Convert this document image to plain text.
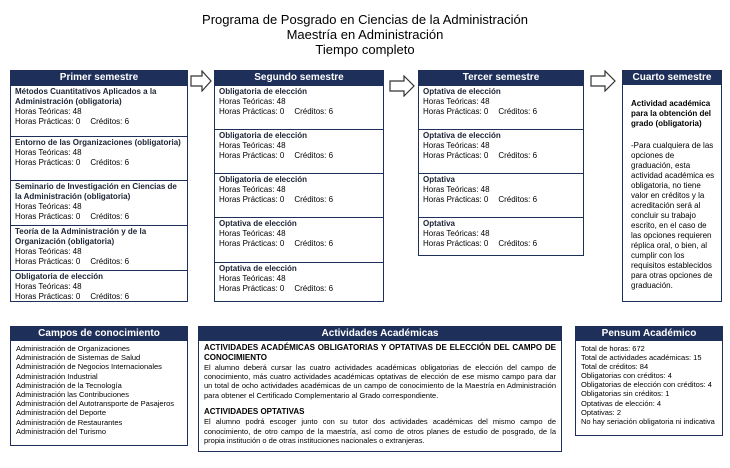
Programa de Posgrado en Ciencias de la Administración
Maestría en Administración
Tiempo completo
Primer semestre
Métodos Cuantitativos Aplicados a la Administración (obligatoria)
Horas Teóricas: 48
Horas Prácticas: 0 Créditos: 6
Entorno de las Organizaciones (obligatoria)
Horas Teóricas: 48
Horas Prácticas: 0 Créditos: 6
Seminario de Investigación en Ciencias de la Administración (obligatoria)
Horas Teóricas: 48
Horas Prácticas: 0 Créditos: 6
Teoría de la Administración y de la Organización (obligatoria)
Horas Teóricas: 48
Horas Prácticas: 0 Créditos: 6
Obligatoria de elección
Horas Teóricas: 48
Horas Prácticas: 0 Créditos: 6
Segundo semestre
Obligatoria de elección
Horas Teóricas: 48
Horas Prácticas: 0 Créditos: 6
Obligatoria de elección
Horas Teóricas: 48
Horas Prácticas: 0 Créditos: 6
Obligatoria de elección
Horas Teóricas: 48
Horas Prácticas: 0 Créditos: 6
Optativa de elección
Horas Teóricas: 48
Horas Prácticas: 0 Créditos: 6
Optativa de elección
Horas Teóricas: 48
Horas Prácticas: 0 Créditos: 6
Tercer semestre
Optativa de elección
Horas Teóricas: 48
Horas Prácticas: 0 Créditos: 6
Optativa de elección
Horas Teóricas: 48
Horas Prácticas: 0 Créditos: 6
Optativa
Horas Teóricas: 48
Horas Prácticas: 0 Créditos: 6
Optativa
Horas Teóricas: 48
Horas Prácticas: 0 Créditos: 6
Cuarto semestre
Actividad académica para la obtención del grado (obligatoria)
-Para cualquiera de las opciones de graduación, esta actividad académica es obligatoria, no tiene valor en créditos y la acreditación será al concluir su trabajo escrito, en el caso de las opciones requieren réplica oral, o bien, al cumplir con los requisitos establecidos para otras opciones de graduación.
Campos de conocimiento
Administración de Organizaciones
Administración de Sistemas de Salud
Administración de Negocios Internacionales
Administración Industrial
Administración de la Tecnología
Administración las Contribuciones
Administración del Autotransporte de Pasajeros
Administración del Deporte
Administración de Restaurantes
Administración del Turismo
Actividades Académicas
ACTIVIDADES ACADÉMICAS OBLIGATORIAS Y OPTATIVAS DE ELECCIÓN DEL CAMPO DE CONOCIMIENTO
El alumno deberá cursar las cuatro actividades académicas obligatorias de elección del campo de conocimiento, más cuatro actividades académicas optativas de elección de ese mismo campo para dar un total de ocho actividades académicas de un campo de conocimiento de la Maestría en Administración para obtener el Certificado Complementario al Grado correspondiente.
ACTIVIDADES OPTATIVAS
El alumno podrá escoger junto con su tutor dos actividades académicas del mismo campo de conocimiento, de otro campo de la maestría, así como de otros planes de estudio de posgrado, de la propia institución o de otras instituciones nacionales o extranjeras.
Pensum Académico
Total de horas: 672
Total de actividades académicas: 15
Total de créditos: 84
Obligatorias con créditos: 4
Obligatorias de elección con créditos: 4
Obligatorias sin créditos: 1
Optativas de elección: 4
Optativas: 2
No hay seriación obligatoria ni indicativa
